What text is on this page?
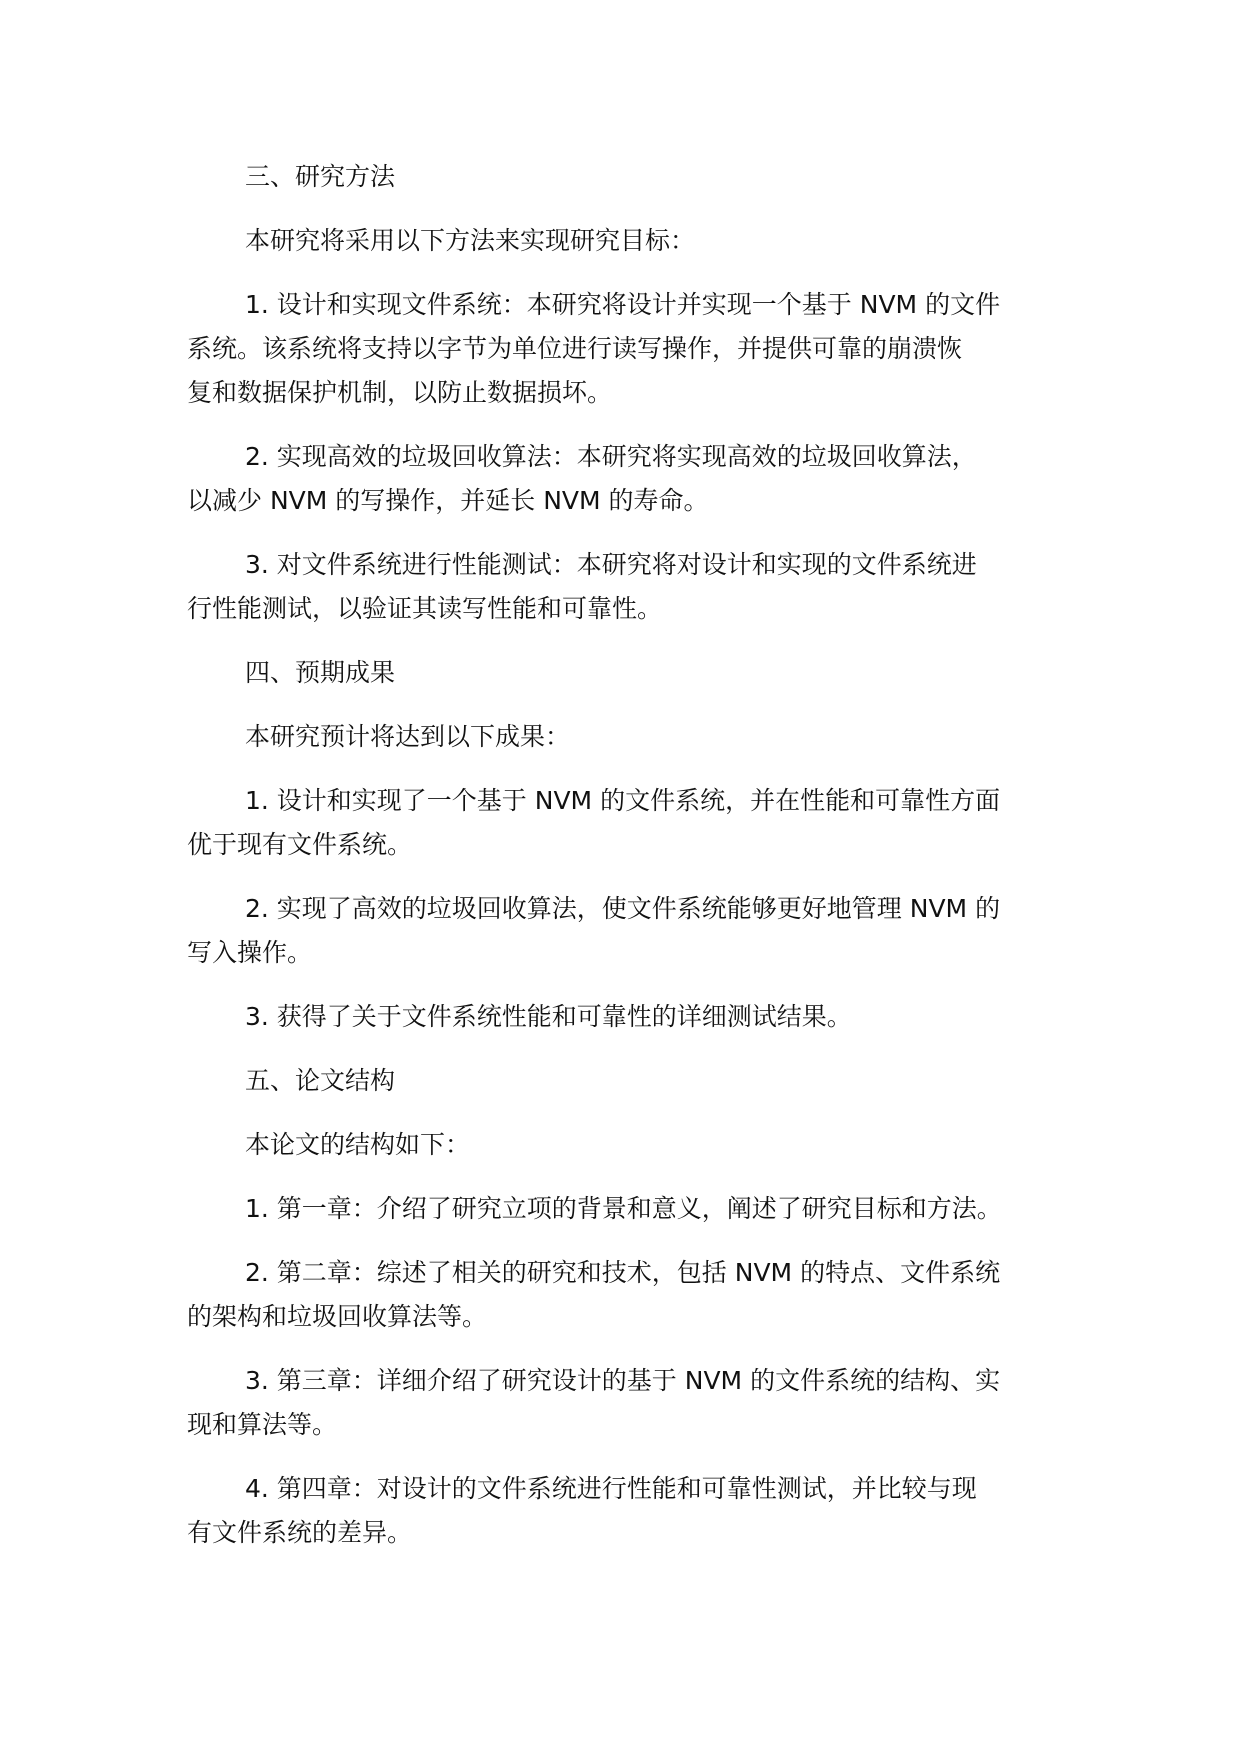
三、研究方法
本研究将采用以下方法来实现研究目标：
1. 设计和实现文件系统：本研究将设计并实现一个基于 NVM 的文件
系统。该系统将支持以字节为单位进行读写操作，并提供可靠的崩溃恢
复和数据保护机制，以防止数据损坏。
2. 实现高效的垃圾回收算法：本研究将实现高效的垃圾回收算法，
以减少 NVM 的写操作，并延长 NVM 的寿命。
3. 对文件系统进行性能测试：本研究将对设计和实现的文件系统进
行性能测试，以验证其读写性能和可靠性。
四、预期成果
本研究预计将达到以下成果：
1. 设计和实现了一个基于 NVM 的文件系统，并在性能和可靠性方面
优于现有文件系统。
2. 实现了高效的垃圾回收算法，使文件系统能够更好地管理 NVM 的
写入操作。
3. 获得了关于文件系统性能和可靠性的详细测试结果。
五、论文结构
本论文的结构如下：
1. 第一章：介绍了研究立项的背景和意义，阐述了研究目标和方法。
2. 第二章：综述了相关的研究和技术，包括 NVM 的特点、文件系统
的架构和垃圾回收算法等。
3. 第三章：详细介绍了研究设计的基于 NVM 的文件系统的结构、实
现和算法等。
4. 第四章：对设计的文件系统进行性能和可靠性测试，并比较与现
有文件系统的差异。
